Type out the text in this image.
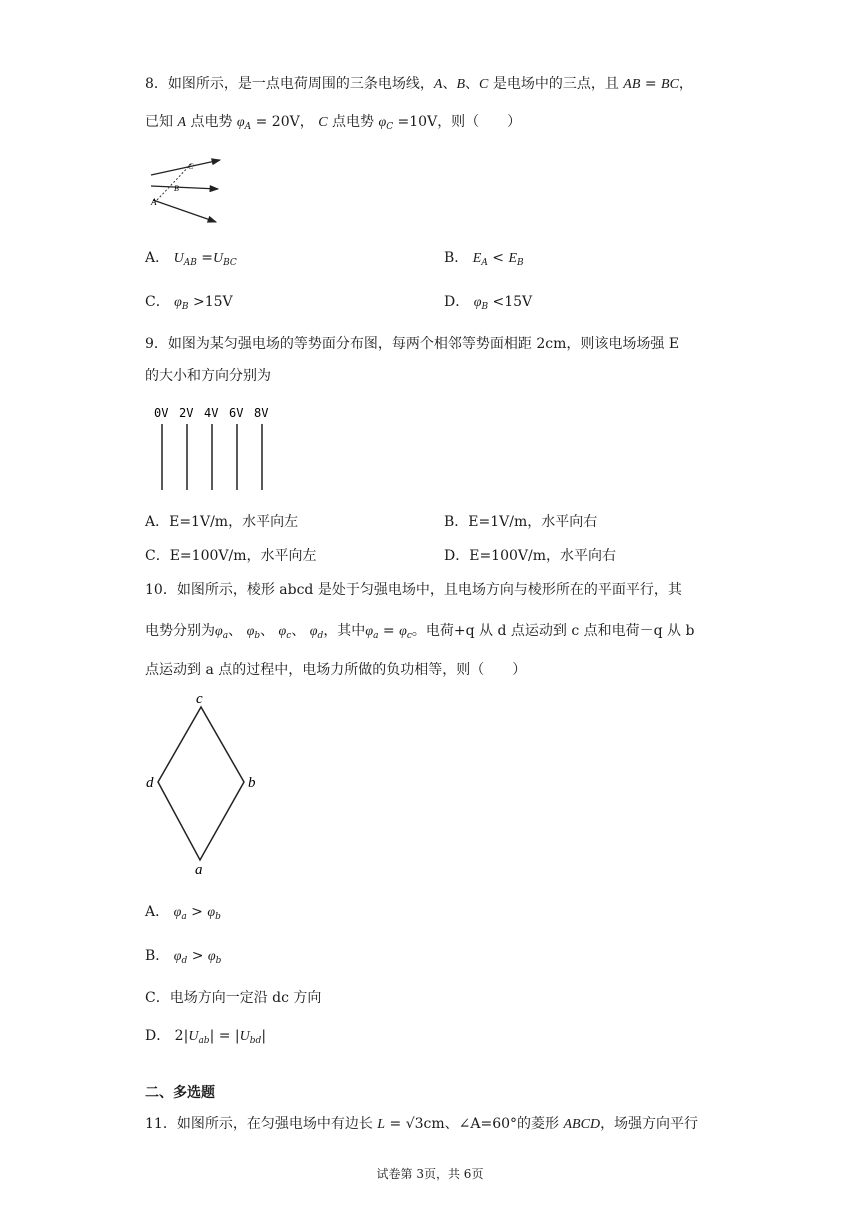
8．如图所示，是一点电荷周围的三条电场线，A、B、C 是电场中的三点，且 AB = BC，
已知 A 点电势 $\varphi_A = 20V$， C 点电势 $\varphi_C =10V$，则（　　）
A
B
C
A． $U_{AB} =U_{BC}$	B． $E_A < E_B$
C． $\varphi_B >15V$	D． $\varphi_B <15V$
9．如图为某匀强电场的等势面分布图，每两个相邻等势面相距 2cm，则该电场场强 E
的大小和方向分别为
0V 2V 4V 6V 8V
A．E=1V/m，水平向左	B．E=1V/m，水平向右
C．E=100V/m，水平向左	D．E=100V/m，水平向右
10．如图所示，棱形 abcd 是处于匀强电场中，且电场方向与棱形所在的平面平行，其
电势分别为$\varphi_a$、 $\varphi_b$、 $\varphi_c$、 $\varphi_d$，其中$\varphi_a = \varphi_c$。电荷+q 从 d 点运动到 c 点和电荷－q 从 b
点运动到 a 点的过程中，电场力所做的负功相等，则（　　）
c
b
d
a
A． $\varphi_a > \varphi_b$
B． $\varphi_d > \varphi_b$
C．电场方向一定沿 dc 方向
D． $2|U_{ab}| = |U_{bd}|$
二、多选题
11．如图所示，在匀强电场中有边长 L = √3cm、∠A=60°的菱形 ABCD，场强方向平行
试卷第 3页，共 6页
